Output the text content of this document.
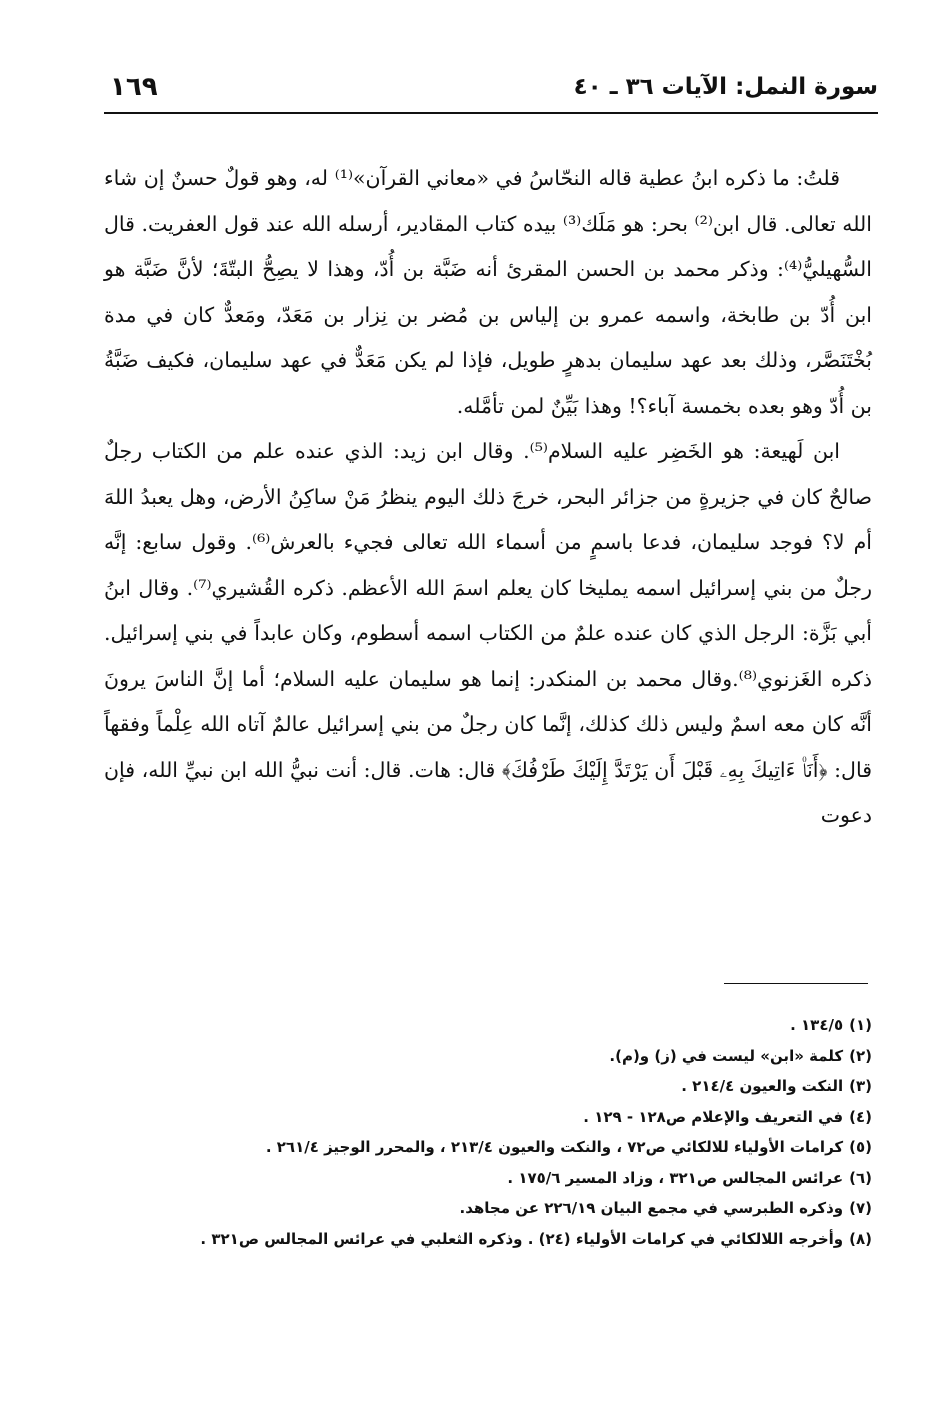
سورة النمل: الآيات ٣٦ ـ ٤٠
١٦٩

قلتُ: ما ذكره ابنُ عطية قاله النحّاسُ في «معاني القرآن»⁽¹⁾ له، وهو قولٌ حسنٌ إن شاء الله تعالى. قال ابن⁽²⁾ بحر: هو مَلَك⁽³⁾ بيده كتاب المقادير، أرسله الله عند قول العفريت. قال السُّهيليُّ⁽⁴⁾: وذكر محمد بن الحسن المقرئ أنه ضَبَّة بن أُدّ، وهذا لا يصِحُّ البتّةَ؛ لأنَّ ضَبَّة هو ابن أُدّ بن طابخة، واسمه عمرو بن إلياس بن مُضر بن نِزار بن مَعَدّ، ومَعدٌّ كان في مدة بُخْتَنَصَّر، وذلك بعد عهد سليمان بدهرٍ طويل، فإذا لم يكن مَعَدٌّ في عهد سليمان، فكيف ضَبَّةُ بن أُدّ وهو بعده بخمسة آباء؟! وهذا بَيِّنٌ لمن تأمَّله.

ابن لَهيعة: هو الخَضِر عليه السلام⁽⁵⁾. وقال ابن زيد: الذي عنده علم من الكتاب رجلٌ صالحٌ كان في جزيرةٍ من جزائر البحر، خرجَ ذلك اليوم ينظرُ مَنْ ساكِنُ الأرض، وهل يعبدُ اللهَ أم لا؟ فوجد سليمان، فدعا باسمٍ من أسماء الله تعالى فجيء بالعرش⁽⁶⁾. وقول سابع: إنَّه رجلٌ من بني إسرائيل اسمه يمليخا كان يعلم اسمَ الله الأعظم. ذكره القُشيري⁽⁷⁾. وقال ابنُ أبي بَزَّة: الرجل الذي كان عنده علمٌ من الكتاب اسمه أسطوم، وكان عابداً في بني إسرائيل. ذكره الغَزنوي⁽⁸⁾.وقال محمد بن المنكدر: إنما هو سليمان عليه السلام؛ أما إنَّ الناسَ يرونَ أنَّه كان معه اسمٌ وليس ذلك كذلك، إنَّما كان رجلٌ من بني إسرائيل عالمٌ آتاه الله عِلْماً وفقهاً قال: ﴿أَنَا۠ ءَاتِيكَ بِهِۦ قَبْلَ أَن يَرْتَدَّ إِلَيْكَ طَرْفُكَ﴾ قال: هات. قال: أنت نبيُّ الله ابن نبيِّ الله، فإن دعوت

(١)١٣٤/٥ .

(٢)كلمة «ابن» ليست في (ز) و(م).

(٣)النكت والعيون ٢١٤/٤ .

(٤)في التعريف والإعلام ص١٢٨ - ١٢٩ .

(٥)كرامات الأولياء للالكائي ص٧٢ ، والنكت والعيون ٢١٣/٤ ، والمحرر الوجيز ٢٦١/٤ .

(٦)عرائس المجالس ص٣٢١ ، وزاد المسير ١٧٥/٦ .

(٧)وذكره الطبرسي في مجمع البيان ٢٢٦/١٩ عن مجاهد.

(٨)وأخرجه اللالكائي في كرامات الأولياء (٢٤) . وذكره الثعلبي في عرائس المجالس ص٣٢١ .
